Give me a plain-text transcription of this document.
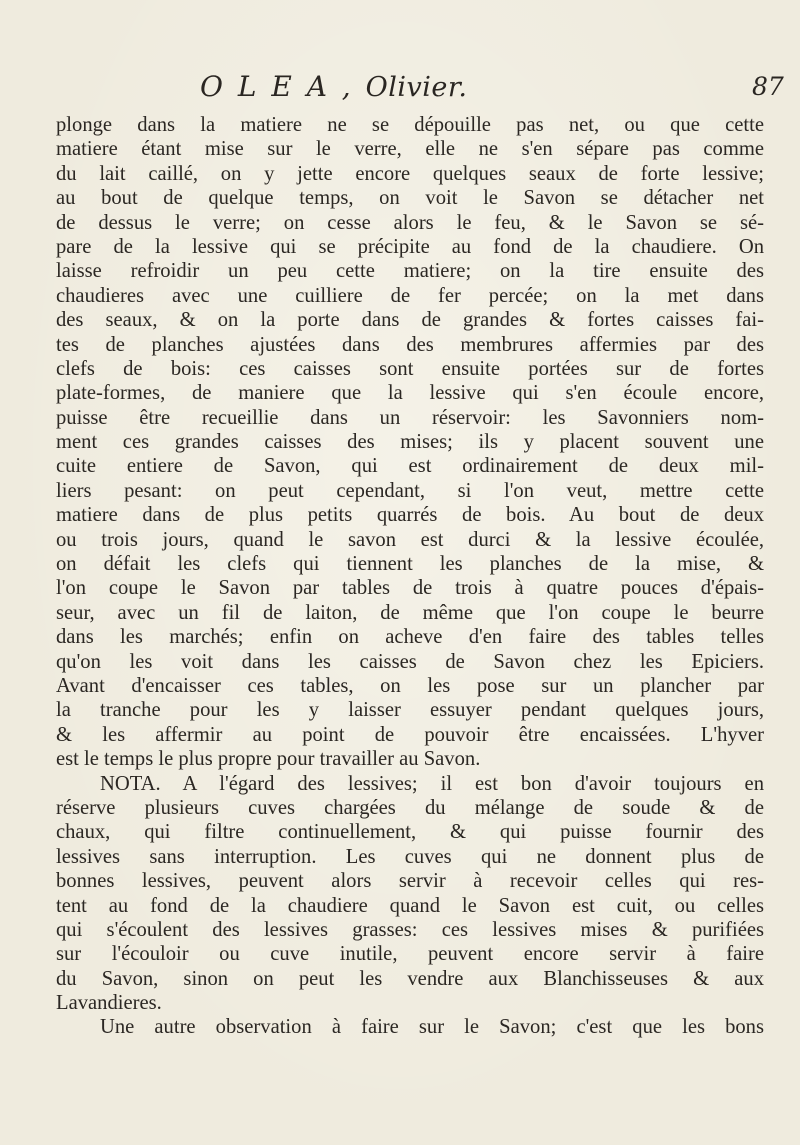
O L E A , Olivier.	87
plonge dans la matiere ne se dépouille pas net, ou que cette
matiere étant mise sur le verre, elle ne s'en sépare pas comme
du lait caillé, on y jette encore quelques seaux de forte lessive;
au bout de quelque temps, on voit le Savon se détacher net
de dessus le verre; on cesse alors le feu, & le Savon se sé-
pare de la lessive qui se précipite au fond de la chaudiere. On
laisse refroidir un peu cette matiere; on la tire ensuite des
chaudieres avec une cuilliere de fer percée; on la met dans
des seaux, & on la porte dans de grandes & fortes caisses fai-
tes de planches ajustées dans des membrures affermies par des
clefs de bois: ces caisses sont ensuite portées sur de fortes
plate-formes, de maniere que la lessive qui s'en écoule encore,
puisse être recueillie dans un réservoir: les Savonniers nom-
ment ces grandes caisses des mises; ils y placent souvent une
cuite entiere de Savon, qui est ordinairement de deux mil-
liers pesant: on peut cependant, si l'on veut, mettre cette
matiere dans de plus petits quarrés de bois. Au bout de deux
ou trois jours, quand le savon est durci & la lessive écoulée,
on défait les clefs qui tiennent les planches de la mise, &
l'on coupe le Savon par tables de trois à quatre pouces d'épais-
seur, avec un fil de laiton, de même que l'on coupe le beurre
dans les marchés; enfin on acheve d'en faire des tables telles
qu'on les voit dans les caisses de Savon chez les Epiciers.
Avant d'encaisser ces tables, on les pose sur un plancher par
la tranche pour les y laisser essuyer pendant quelques jours,
& les affermir au point de pouvoir être encaissées. L'hyver
est le temps le plus propre pour travailler au Savon.
NOTA. A l'égard des lessives; il est bon d'avoir toujours en
réserve plusieurs cuves chargées du mélange de soude & de
chaux, qui filtre continuellement, & qui puisse fournir des
lessives sans interruption. Les cuves qui ne donnent plus de
bonnes lessives, peuvent alors servir à recevoir celles qui res-
tent au fond de la chaudiere quand le Savon est cuit, ou celles
qui s'écoulent des lessives grasses: ces lessives mises & purifiées
sur l'écouloir ou cuve inutile, peuvent encore servir à faire
du Savon, sinon on peut les vendre aux Blanchisseuses & aux
Lavandieres.
Une autre observation à faire sur le Savon; c'est que les bons
